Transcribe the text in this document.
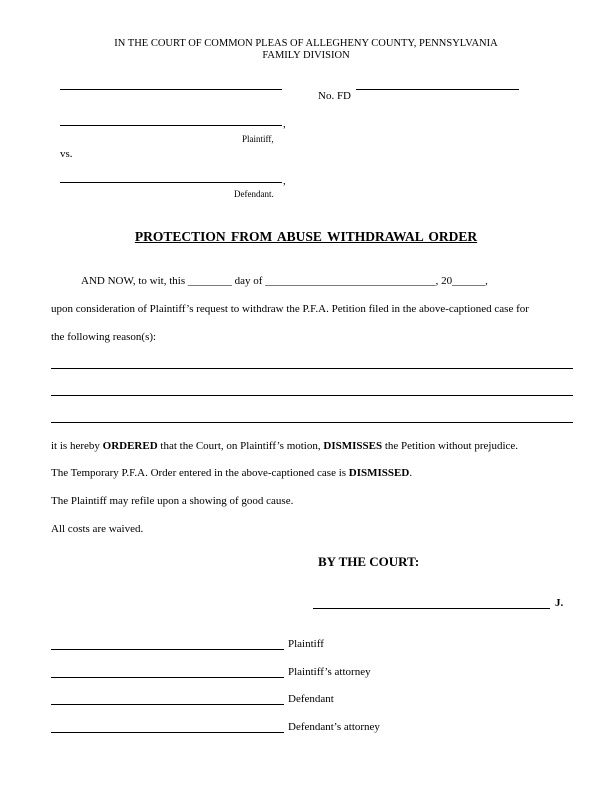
IN THE COURT OF COMMON PLEAS OF ALLEGHENY COUNTY, PENNSYLVANIA
FAMILY DIVISION
No. FD
,
Plaintiff,
vs.
,
Defendant.
PROTECTION FROM ABUSE WITHDRAWAL ORDER
AND NOW, to wit, this ________ day of _______________________________, 20______,
upon consideration of Plaintiff’s request to withdraw the P.F.A. Petition filed in the above-captioned case for
the following reason(s):
it is hereby ORDERED that the Court, on Plaintiff’s motion, DISMISSES the Petition without prejudice.
The Temporary P.F.A. Order entered in the above-captioned case is DISMISSED.
The Plaintiff may refile upon a showing of good cause.
All costs are waived.
BY THE COURT:
J.
Plaintiff
Plaintiff’s attorney
Defendant
Defendant’s attorney
